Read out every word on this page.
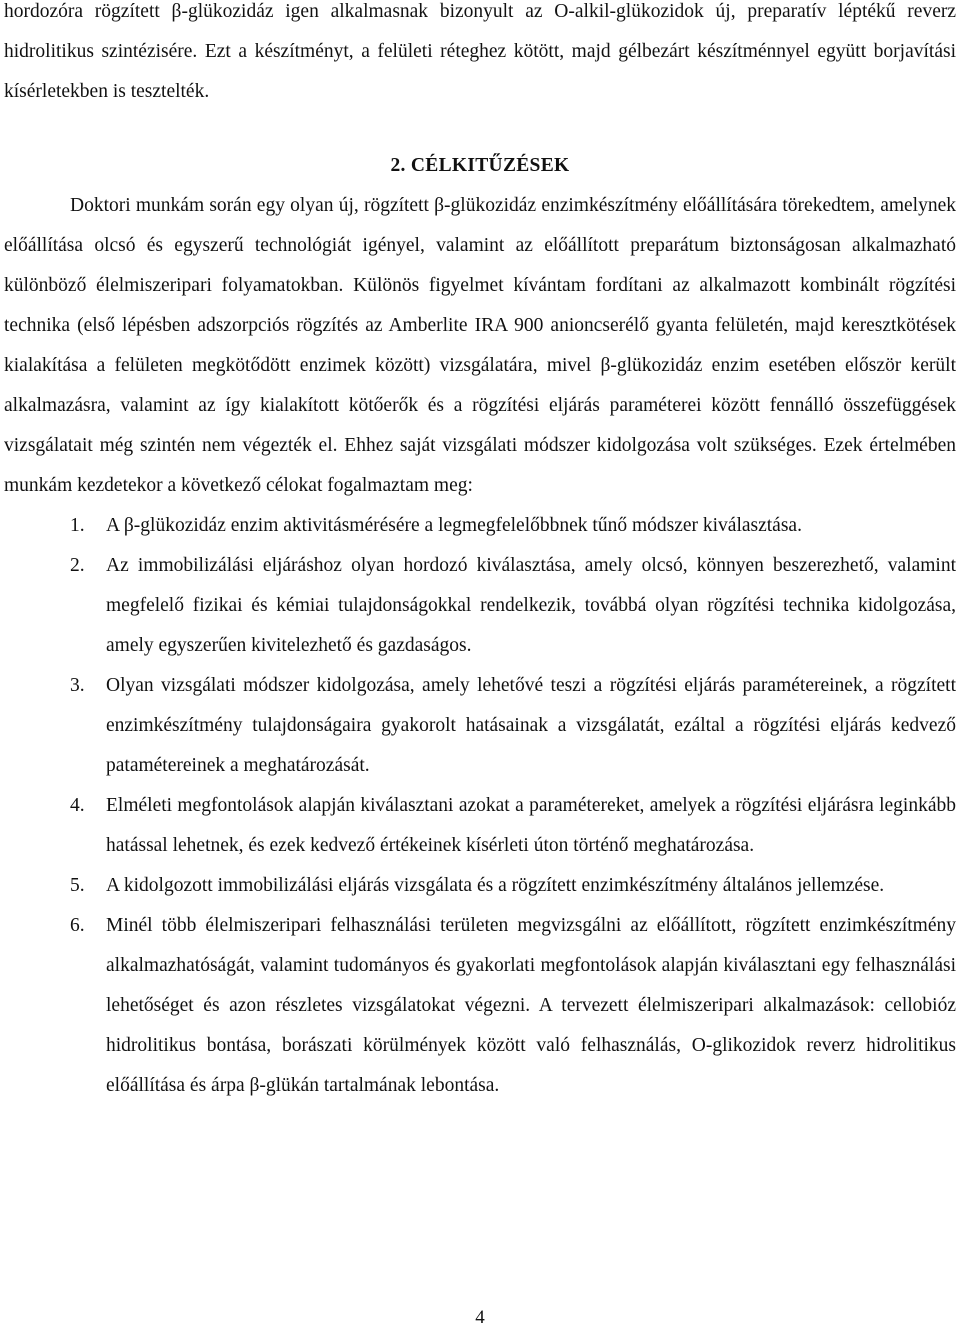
hordozóra rögzített β-glükozidáz igen alkalmasnak bizonyult az O-alkil-glükozidok új, preparatív léptékű reverz hidrolitikus szintézisére. Ezt a készítményt, a felületi réteghez kötött, majd gélbezárt készítménnyel együtt borjavítási kísérletekben is tesztelték.

2. CÉLKITŰZÉSEK

Doktori munkám során egy olyan új, rögzített β-glükozidáz enzimkészítmény előállítására törekedtem, amelynek előállítása olcsó és egyszerű technológiát igényel, valamint az előállított preparátum biztonságosan alkalmazható különböző élelmiszeripari folyamatokban. Különös figyelmet kívántam fordítani az alkalmazott kombinált rögzítési technika (első lépésben adszorpciós rögzítés az Amberlite IRA 900 anioncserélő gyanta felületén, majd keresztkötések kialakítása a felületen megkötődött enzimek között) vizsgálatára, mivel β-glükozidáz enzim esetében először került alkalmazásra, valamint az így kialakított kötőerők és a rögzítési eljárás paraméterei között fennálló összefüggések vizsgálatait még szintén nem végezték el. Ehhez saját vizsgálati módszer kidolgozása volt szükséges. Ezek értelmében munkám kezdetekor a következő célokat fogalmaztam meg:

1. A β-glükozidáz enzim aktivitásmérésére a legmegfelelőbbnek tűnő módszer kiválasztása.
2. Az immobilizálási eljáráshoz olyan hordozó kiválasztása, amely olcsó, könnyen beszerezhető, valamint megfelelő fizikai és kémiai tulajdonságokkal rendelkezik, továbbá olyan rögzítési technika kidolgozása, amely egyszerűen kivitelezhető és gazdaságos.
3. Olyan vizsgálati módszer kidolgozása, amely lehetővé teszi a rögzítési eljárás paramétereinek, a rögzített enzimkészítmény tulajdonságaira gyakorolt hatásainak a vizsgálatát, ezáltal a rögzítési eljárás kedvező patamétereinek a meghatározását.
4. Elméleti megfontolások alapján kiválasztani azokat a paramétereket, amelyek a rögzítési eljárásra leginkább hatással lehetnek, és ezek kedvező értékeinek kísérleti úton történő meghatározása.
5. A kidolgozott immobilizálási eljárás vizsgálata és a rögzített enzimkészítmény általános jellemzése.
6. Minél több élelmiszeripari felhasználási területen megvizsgálni az előállított, rögzített enzimkészítmény alkalmazhatóságát, valamint tudományos és gyakorlati megfontolások alapján kiválasztani egy felhasználási lehetőséget és azon részletes vizsgálatokat végezni. A tervezett élelmiszeripari alkalmazások: cellobióz hidrolitikus bontása, borászati körülmények között való felhasználás, O-glikozidok reverz hidrolitikus előállítása és árpa β-glükán tartalmának lebontása.
4
